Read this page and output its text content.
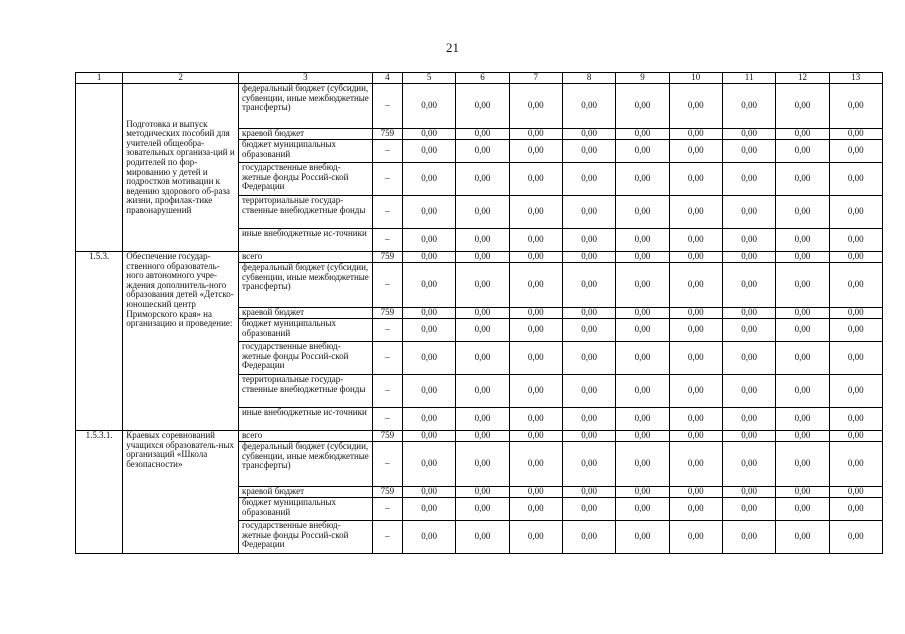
21
1	2	3	4	5	6	7	8	9	10	11	12	13
	Подготовка и выпуск методических пособий для учителей общеобра-зовательных организа-ций и родителей по фор-мированию у детей и подростков мотивации к ведению здорового об-раза жизни, профилак-тике правонарушений	федеральный бюджет (субсидии, субвенции, иные межбюджетные трансферты)	–	0,00	0,00	0,00	0,00	0,00	0,00	0,00	0,00	0,00
		краевой бюджет	759	0,00	0,00	0,00	0,00	0,00	0,00	0,00	0,00	0,00
		бюджет муниципальных образований	–	0,00	0,00	0,00	0,00	0,00	0,00	0,00	0,00	0,00
		государственные внебюд-жетные фонды Россий-ской Федерации	–	0,00	0,00	0,00	0,00	0,00	0,00	0,00	0,00	0,00
		территориальные государ-ственные внебюджетные фонды	–	0,00	0,00	0,00	0,00	0,00	0,00	0,00	0,00	0,00
		иные внебюджетные ис-точники	–	0,00	0,00	0,00	0,00	0,00	0,00	0,00	0,00	0,00
1.5.3.	Обеспечение государ-ственного образователь-ного автономного учре-ждения дополнитель-ного образования детей «Детско-юношеский центр Приморского края» на организацию и проведение:	всего	759	0,00	0,00	0,00	0,00	0,00	0,00	0,00	0,00	0,00
		федеральный бюджет (субсидии, субвенции, иные межбюджетные трансферты)	–	0,00	0,00	0,00	0,00	0,00	0,00	0,00	0,00	0,00
		краевой бюджет	759	0,00	0,00	0,00	0,00	0,00	0,00	0,00	0,00	0,00
		бюджет муниципальных образований	–	0,00	0,00	0,00	0,00	0,00	0,00	0,00	0,00	0,00
		государственные внебюд-жетные фонды Россий-ской Федерации	–	0,00	0,00	0,00	0,00	0,00	0,00	0,00	0,00	0,00
		территориальные государ-ственные внебюджетные фонды	–	0,00	0,00	0,00	0,00	0,00	0,00	0,00	0,00	0,00
		иные внебюджетные ис-точники	–	0,00	0,00	0,00	0,00	0,00	0,00	0,00	0,00	0,00
1.5.3.1.	Краевых соревнований учащихся образователь-ных организаций «Школа безопасности»	всего	759	0,00	0,00	0,00	0,00	0,00	0,00	0,00	0,00	0,00
		федеральный бюджет (субсидии, субвенции, иные межбюджетные трансферты)	–	0,00	0,00	0,00	0,00	0,00	0,00	0,00	0,00	0,00
		краевой бюджет	759	0,00	0,00	0,00	0,00	0,00	0,00	0,00	0,00	0,00
		бюджет муниципальных образований	–	0,00	0,00	0,00	0,00	0,00	0,00	0,00	0,00	0,00
		государственные внебюд-жетные фонды Россий-ской Федерации	–	0,00	0,00	0,00	0,00	0,00	0,00	0,00	0,00	0,00
